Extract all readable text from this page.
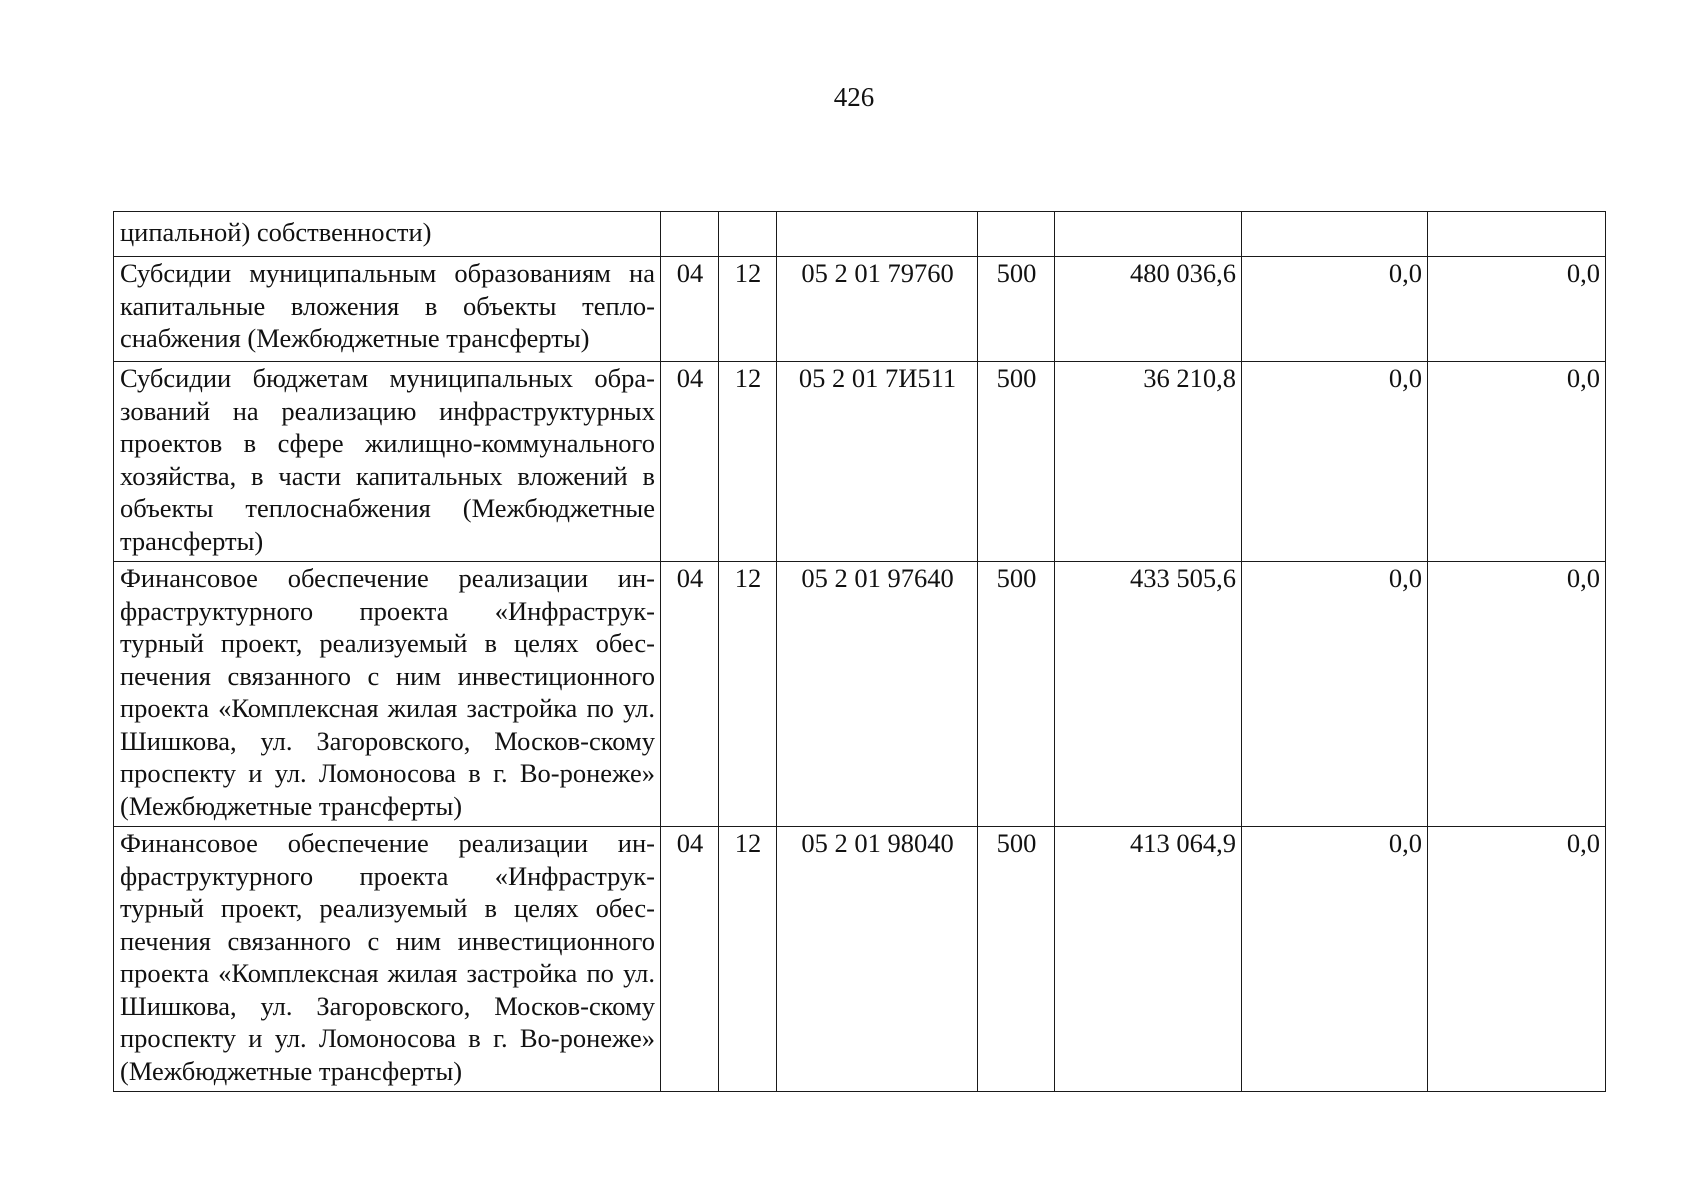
426
ципальной) собственности)							
Субсидии муниципальным образованиям на капитальные вложения в объекты тепло-снабжения (Межбюджетные трансферты)	04	12	05 2 01 79760	500	480 036,6	0,0	0,0
Субсидии бюджетам муниципальных обра-зований на реализацию инфраструктурных проектов в сфере жилищно-коммунального хозяйства, в части капитальных вложений в объекты теплоснабжения (Межбюджетные трансферты)	04	12	05 2 01 7И511	500	36 210,8	0,0	0,0
Финансовое обеспечение реализации ин-фраструктурного проекта «Инфраструк-турный проект, реализуемый в целях обес-печения связанного с ним инвестиционного проекта «Комплексная жилая застройка по ул. Шишкова, ул. Загоровского, Москов-скому проспекту и ул. Ломоносова в г. Во-ронеже» (Межбюджетные трансферты)	04	12	05 2 01 97640	500	433 505,6	0,0	0,0
Финансовое обеспечение реализации ин-фраструктурного проекта «Инфраструк-турный проект, реализуемый в целях обес-печения связанного с ним инвестиционного проекта «Комплексная жилая застройка по ул. Шишкова, ул. Загоровского, Москов-скому проспекту и ул. Ломоносова в г. Во-ронеже» (Межбюджетные трансферты)	04	12	05 2 01 98040	500	413 064,9	0,0	0,0
